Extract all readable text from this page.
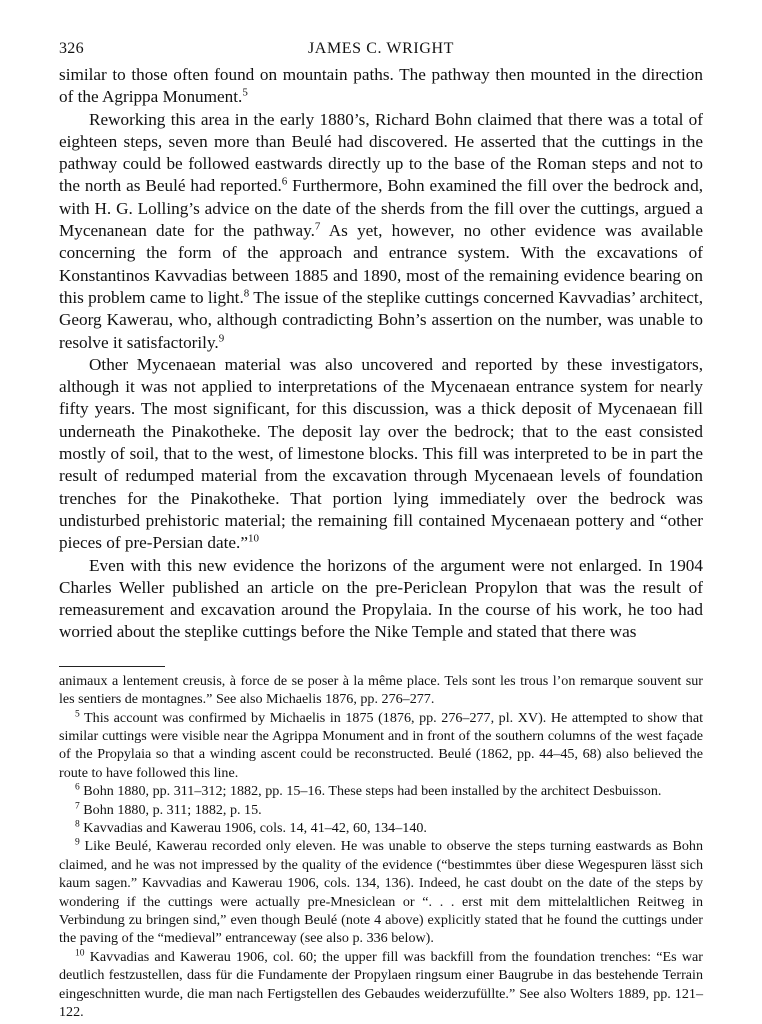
326	JAMES C. WRIGHT

similar to those often found on mountain paths. The pathway then mounted in the direction of the Agrippa Monument.$^5$

Reworking this area in the early 1880’s, Richard Bohn claimed that there was a total of eighteen steps, seven more than Beulé had discovered. He asserted that the cuttings in the pathway could be followed eastwards directly up to the base of the Roman steps and not to the north as Beulé had reported.$^6$ Furthermore, Bohn examined the fill over the bedrock and, with H. G. Lolling’s advice on the date of the sherds from the fill over the cuttings, argued a Mycenanean date for the pathway.$^7$ As yet, however, no other evidence was available concerning the form of the approach and entrance system. With the excavations of Konstantinos Kavvadias between 1885 and 1890, most of the remaining evidence bearing on this problem came to light.$^8$ The issue of the steplike cuttings concerned Kavvadias’ architect, Georg Kawerau, who, although contradicting Bohn’s assertion on the number, was unable to resolve it satisfactorily.$^9$

Other Mycenaean material was also uncovered and reported by these investigators, although it was not applied to interpretations of the Mycenaean entrance system for nearly fifty years. The most significant, for this discussion, was a thick deposit of Mycenaean fill underneath the Pinakotheke. The deposit lay over the bedrock; that to the east consisted mostly of soil, that to the west, of limestone blocks. This fill was interpreted to be in part the result of redumped material from the excavation through Mycenaean levels of foundation trenches for the Pinakotheke. That portion lying immediately over the bedrock was undisturbed prehistoric material; the remaining fill contained Mycenaean pottery and “other pieces of pre-Persian date.”$^{10}$

Even with this new evidence the horizons of the argument were not enlarged. In 1904 Charles Weller published an article on the pre-Periclean Propylon that was the result of remeasurement and excavation around the Propylaia. In the course of his work, he too had worried about the steplike cuttings before the Nike Temple and stated that there was

animaux a lentement creusis, à force de se poser à la même place. Tels sont les trous l’on remarque souvent sur les sentiers de montagnes.” See also Michaelis 1876, pp. 276–277.

$^5$ This account was confirmed by Michaelis in 1875 (1876, pp. 276–277, pl. XV). He attempted to show that similar cuttings were visible near the Agrippa Monument and in front of the southern columns of the west façade of the Propylaia so that a winding ascent could be reconstructed. Beulé (1862, pp. 44–45, 68) also believed the route to have followed this line.

$^6$ Bohn 1880, pp. 311–312; 1882, pp. 15–16. These steps had been installed by the architect Desbuisson.

$^7$ Bohn 1880, p. 311; 1882, p. 15.

$^8$ Kavvadias and Kawerau 1906, cols. 14, 41–42, 60, 134–140.

$^9$ Like Beulé, Kawerau recorded only eleven. He was unable to observe the steps turning eastwards as Bohn claimed, and he was not impressed by the quality of the evidence (“bestimmtes über diese Wegespuren lässt sich kaum sagen.” Kavvadias and Kawerau 1906, cols. 134, 136). Indeed, he cast doubt on the date of the steps by wondering if the cuttings were actually pre-Mnesiclean or “. . . erst mit dem mittelaltlichen Reitweg in Verbindung zu bringen sind,” even though Beulé (note 4 above) explicitly stated that he found the cuttings under the paving of the “medieval” entranceway (see also p. 336 below).

$^{10}$ Kavvadias and Kawerau 1906, col. 60; the upper fill was backfill from the foundation trenches: “Es war deutlich festzustellen, dass für die Fundamente der Propylaen ringsum einer Baugrube in das bestehende Terrain eingeschnitten wurde, die man nach Fertigstellen des Gebaudes weiderzufüllte.” See also Wolters 1889, pp. 121–122.
